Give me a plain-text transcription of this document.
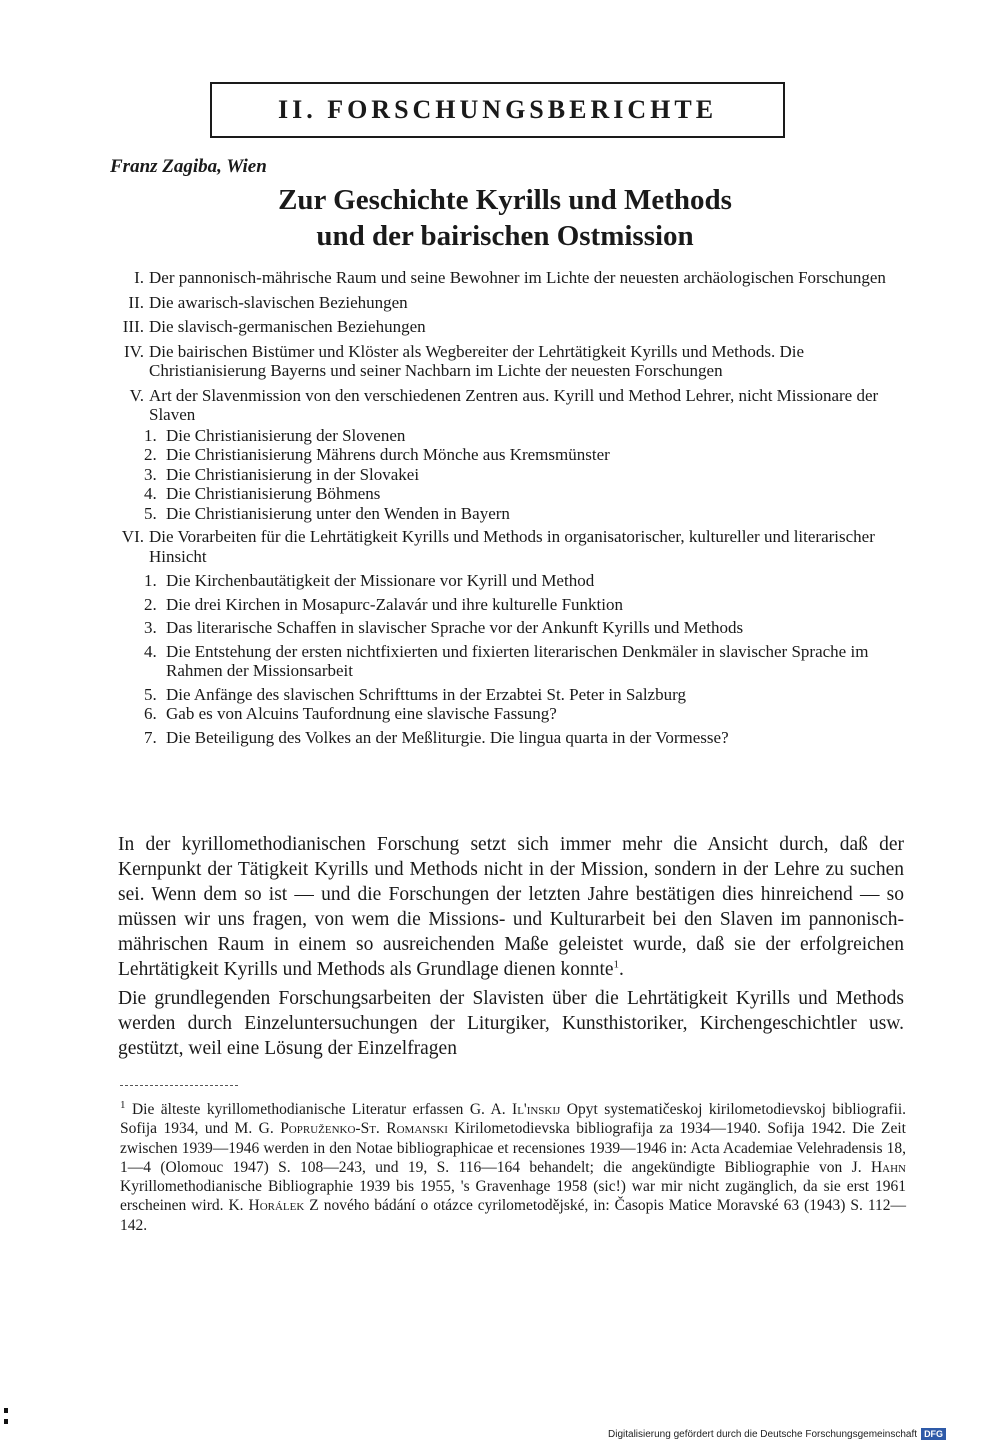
II. FORSCHUNGSBERICHTE
Franz Zagiba, Wien
Zur Geschichte Kyrills und Methods
und der bairischen Ostmission
I. Der pannonisch-mährische Raum und seine Bewohner im Lichte der neuesten archäologischen Forschungen
II. Die awarisch-slavischen Beziehungen
III. Die slavisch-germanischen Beziehungen
IV. Die bairischen Bistümer und Klöster als Wegbereiter der Lehrtätigkeit Kyrills und Methods. Die Christianisierung Bayerns und seiner Nachbarn im Lichte der neuesten Forschungen
V. Art der Slavenmission von den verschiedenen Zentren aus. Kyrill und Method Lehrer, nicht Missionare der Slaven
1. Die Christianisierung der Slovenen
2. Die Christianisierung Mährens durch Mönche aus Kremsmünster
3. Die Christianisierung in der Slovakei
4. Die Christianisierung Böhmens
5. Die Christianisierung unter den Wenden in Bayern
VI. Die Vorarbeiten für die Lehrtätigkeit Kyrills und Methods in organisatorischer, kultureller und literarischer Hinsicht
1. Die Kirchenbautätigkeit der Missionare vor Kyrill und Method
2. Die drei Kirchen in Mosapurc-Zalavár und ihre kulturelle Funktion
3. Das literarische Schaffen in slavischer Sprache vor der Ankunft Kyrills und Methods
4. Die Entstehung der ersten nichtfixierten und fixierten literarischen Denkmäler in slavischer Sprache im Rahmen der Missionsarbeit
5. Die Anfänge des slavischen Schrifttums in der Erzabtei St. Peter in Salzburg
6. Gab es von Alcuins Taufordnung eine slavische Fassung?
7. Die Beteiligung des Volkes an der Meßliturgie. Die lingua quarta in der Vormesse?

In der kyrillomethodianischen Forschung setzt sich immer mehr die Ansicht durch, daß der Kernpunkt der Tätigkeit Kyrills und Methods nicht in der Mission, sondern in der Lehre zu suchen sei. Wenn dem so ist — und die Forschungen der letzten Jahre bestätigen dies hinreichend — so müssen wir uns fragen, von wem die Missions- und Kulturarbeit bei den Slaven im pannonisch-mährischen Raum in einem so ausreichenden Maße geleistet wurde, daß sie der erfolgreichen Lehrtätigkeit Kyrills und Methods als Grundlage dienen konnte$^1$.

Die grundlegenden Forschungsarbeiten der Slavisten über die Lehrtätigkeit Kyrills und Methods werden durch Einzeluntersuchungen der Liturgiker, Kunsthistoriker, Kirchengeschichtler usw. gestützt, weil eine Lösung der Einzelfragen

$^1$ Die älteste kyrillomethodianische Literatur erfassen G. A. Il'inskij Opyt systematičeskoj kirilometodievskoj bibliografii. Sofija 1934, und M. G. Popruženko-St. Romanski Kirilometodievska bibliografija za 1934—1940. Sofija 1942. Die Zeit zwischen 1939—1946 werden in den Notae bibliographicae et recensiones 1939—1946 in: Acta Academiae Velehradensis 18, 1—4 (Olomouc 1947) S. 108—243, und 19, S. 116—164 behandelt; die angekündigte Bibliographie von J. Hahn Kyrillomethodianische Bibliographie 1939 bis 1955, 's Gravenhage 1958 (sic!) war mir nicht zugänglich, da sie erst 1961 erscheinen wird. K. Horálek Z nového bádání o otázce cyrilometodějské, in: Časopis Matice Moravské 63 (1943) S. 112—142.
Digitalisierung gefördert durch die Deutsche Forschungsgemeinschaft DFG
